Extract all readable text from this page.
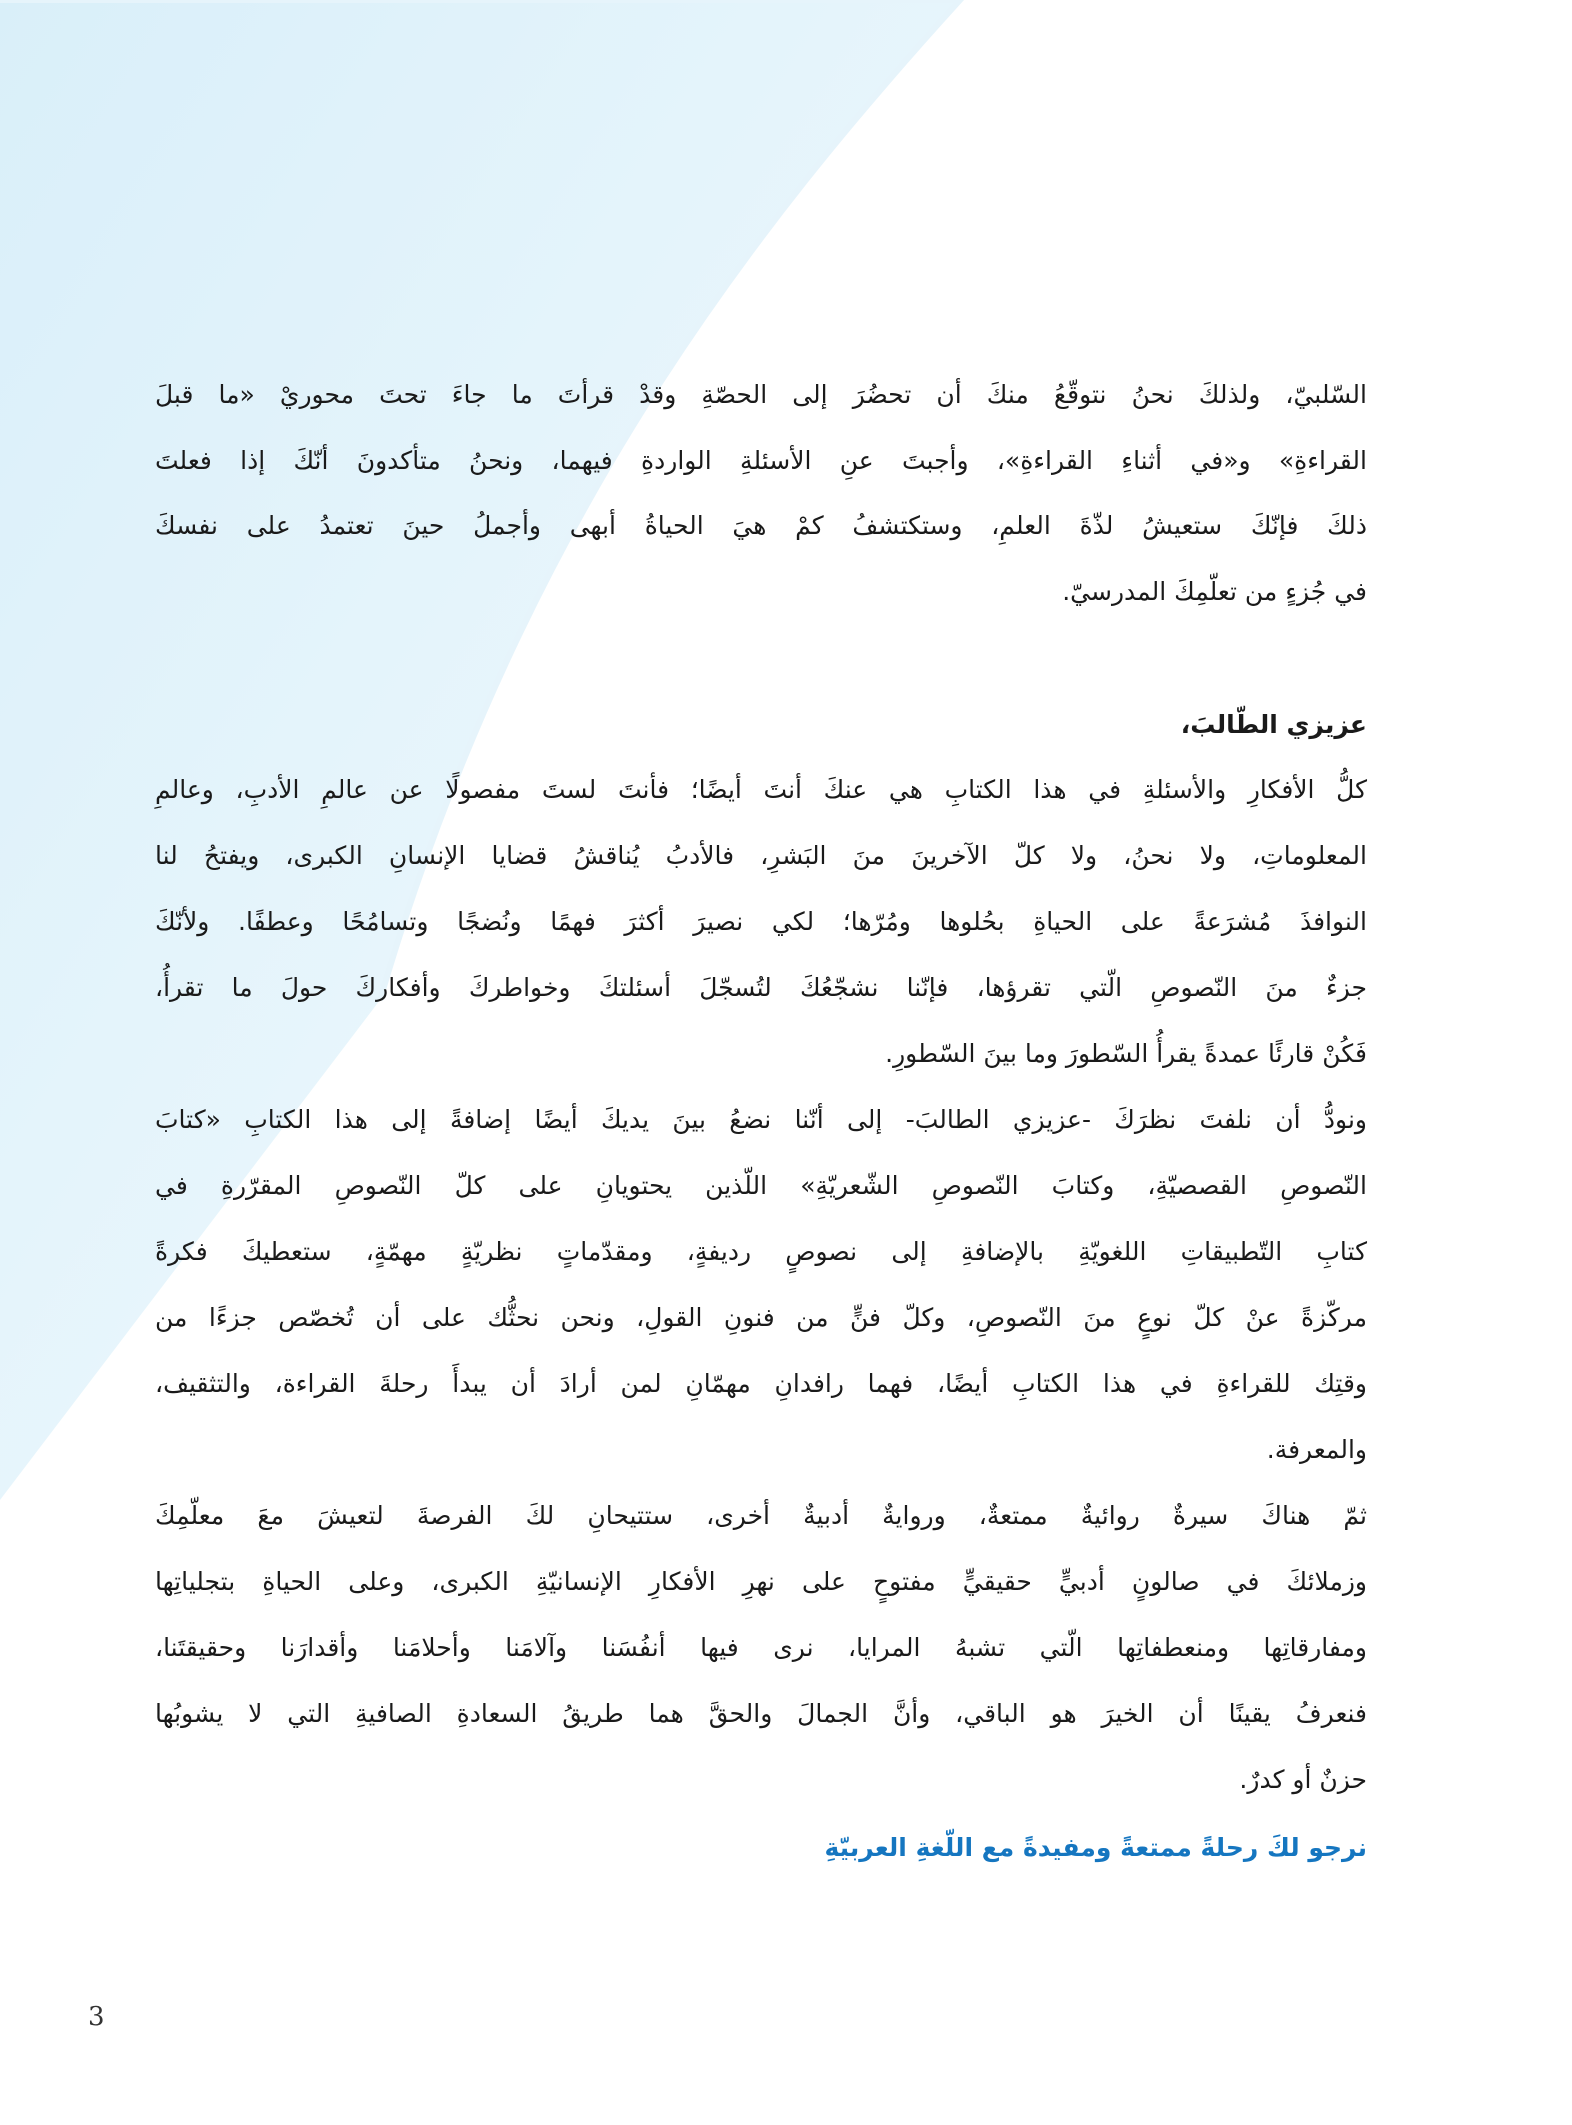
السّلبيّ، ولذلكَ نحنُ نتوقّعُ منكَ أن تحضُرَ إلى الحصّةِ وقدْ قرأتَ ما جاءَ تحتَ محوريْ «ما قبلَ
القراءةِ» و«في أثناءِ القراءةِ»، وأجبتَ عنِ الأسئلةِ الواردةِ فيهما، ونحنُ متأكدونَ أنّكَ إذا فعلتَ
ذلكَ فإنّكَ ستعيشُ لذّةَ العلمِ، وستكتشفُ كمْ هيَ الحياةُ أبهى وأجملُ حينَ تعتمدُ على نفسكَ
في جُزءٍ من تعلّمِكَ المدرسيّ.
عزيزي الطّالبَ،
كلُّ الأفكارِ والأسئلةِ في هذا الكتابِ هي عنكَ أنتَ أيضًا؛ فأنتَ لستَ مفصولًا عن عالمِ الأدبِ، وعالمِ
المعلوماتِ، ولا نحنُ، ولا كلّ الآخرينَ منَ البَشرِ، فالأدبُ يُناقشُ قضايا الإنسانِ الكبرى، ويفتحُ لنا
النوافذَ مُشرَعةً على الحياةِ بحُلوها ومُرّها؛ لكي نصيرَ أكثرَ فهمًا ونُضجًا وتسامُحًا وعطفًا. ولأنّكَ
جزءٌ منَ النّصوصِ الّتي تقرؤها، فإنّنا نشجّعُكَ لتُسجّلَ أسئلتكَ وخواطركَ وأفكاركَ حولَ ما تقرأُ،
فَكُنْ قارئًا عمدةً يقرأُ السّطورَ وما بينَ السّطورِ.
ونودُّ أن نلفتَ نظرَكَ -عزيزي الطالبَ- إلى أنّنا نضعُ بينَ يديكَ أيضًا إضافةً إلى هذا الكتابِ «كتابَ
النّصوصِ القصصيّةِ، وكتابَ النّصوصِ الشّعريّةِ» اللّذين يحتويانِ على كلّ النّصوصِ المقرّرةِ في
كتابِ التّطبيقاتِ اللغويّةِ بالإضافةِ إلى نصوصٍ رديفةٍ، ومقدّماتٍ نظريّةٍ مهمّةٍ، ستعطيكَ فكرةً
مركّزةً عنْ كلّ نوعٍ منَ النّصوصِ، وكلّ فنٍّ من فنونِ القولِ، ونحن نحثُّك على أن تُخصّص جزءًا من
وقتِك للقراءةِ في هذا الكتابِ أيضًا، فهما رافدانِ مهمّانِ لمن أرادَ أن يبدأَ رحلةَ القراءة، والتثقيف،
والمعرفة.
ثمّ هناكَ سيرةٌ روائيةٌ ممتعةٌ، وروايةٌ أدبيةٌ أخرى، ستتيحانِ لكَ الفرصةَ لتعيشَ معَ معلّمِكَ
وزملائكَ في صالونٍ أدبيٍّ حقيقيٍّ مفتوحٍ على نهرِ الأفكارِ الإنسانيّةِ الكبرى، وعلى الحياةِ بتجلياتِها
ومفارقاتِها ومنعطفاتِها الّتي تشبهُ المرايا، نرى فيها أنفُسَنا وآلامَنا وأحلامَنا وأقدارَنا وحقيقتَنا،
فنعرفُ يقينًا أن الخيرَ هو الباقي، وأنَّ الجمالَ والحقَّ هما طريقُ السعادةِ الصافيةِ التي لا يشوبُها
حزنٌ أو كدرٌ.
نرجو لكَ رحلةً ممتعةً ومفيدةً مع اللّغةِ العربيّةِ
3
